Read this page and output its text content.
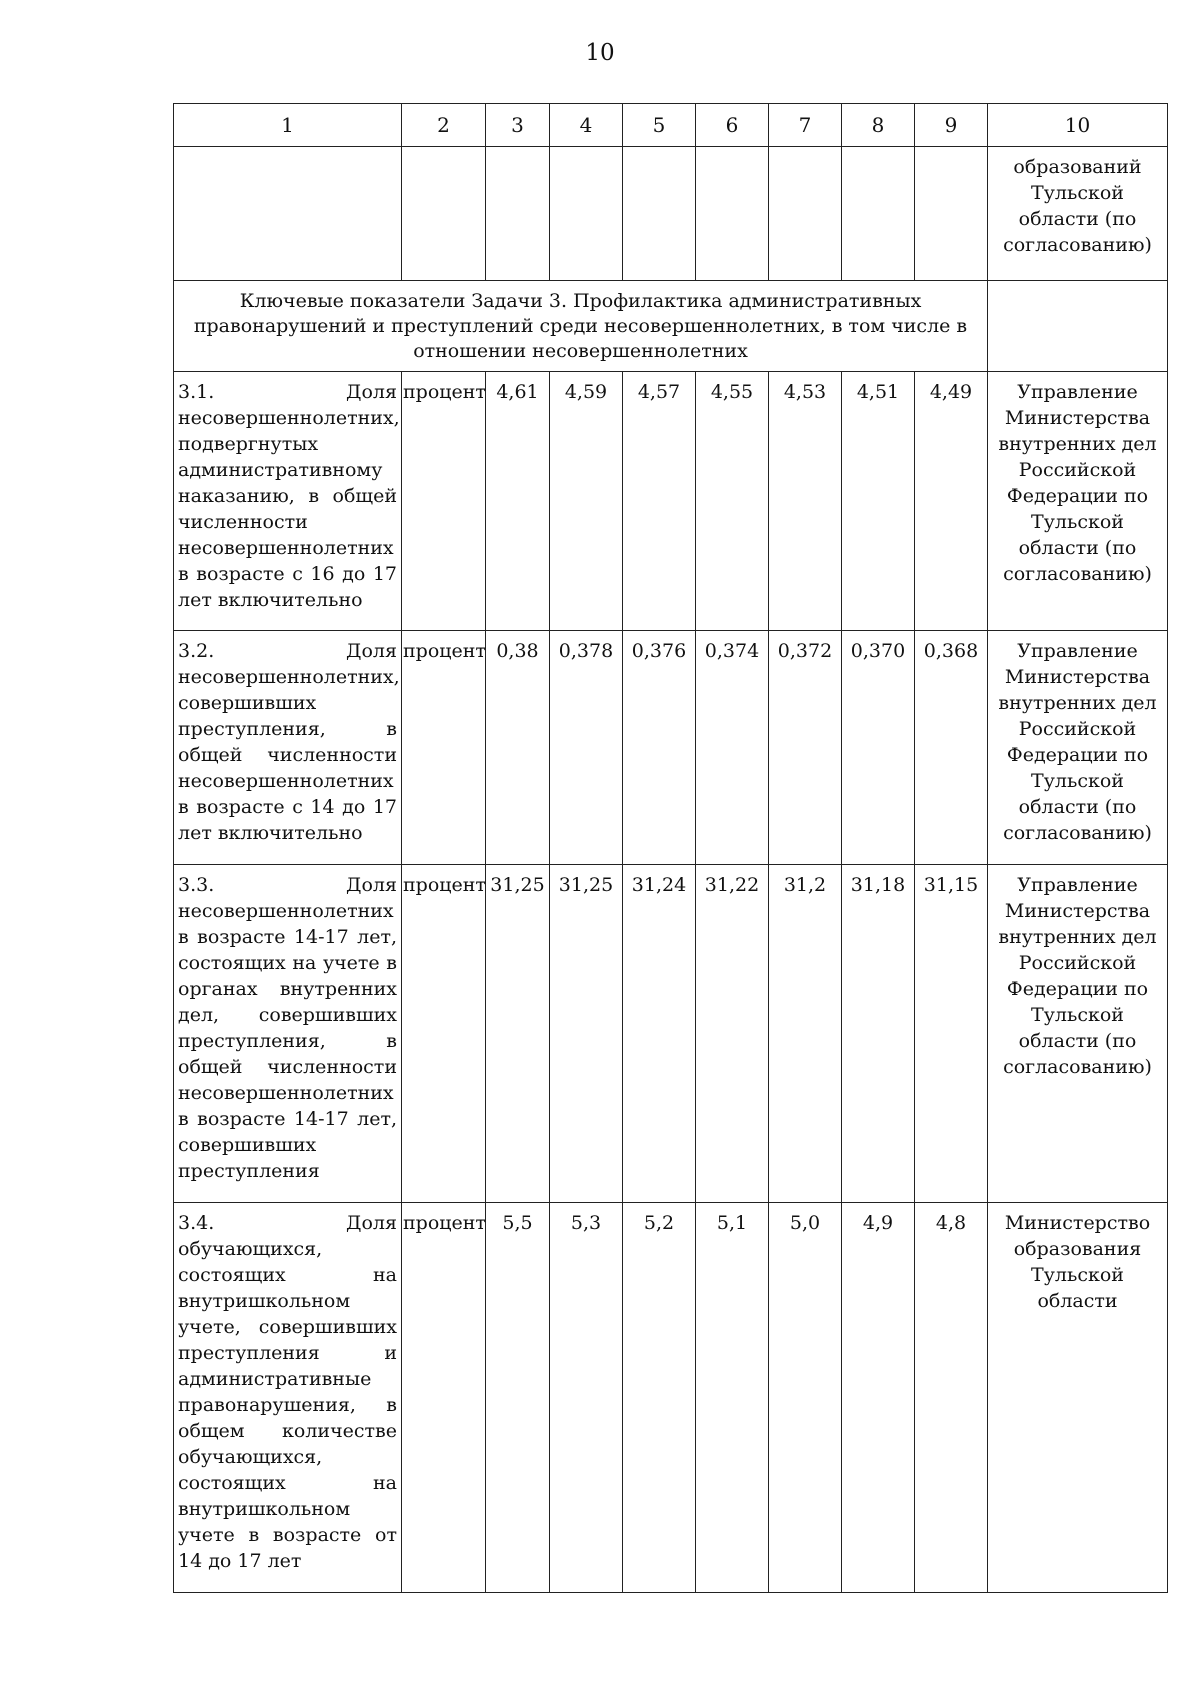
10
1	2	3	4	5	6	7	8	9	10
									образований Тульской области (по согласованию)
Ключевые показатели Задачи 3. Профилактика административных правонарушений и преступлений среди несовершеннолетних, в том числе в отношении несовершеннолетних									
3.1. Доля несовершеннолетних, подвергнутых административному наказанию, в общей численности несовершеннолетних в возрасте с 16 до 17 лет включительно	процент	4,61	4,59	4,57	4,55	4,53	4,51	4,49	Управление Министерства внутренних дел Российской Федерации по Тульской области (по согласованию)
3.2. Доля несовершеннолетних, совершивших преступления, в общей численности несовершеннолетних в возрасте с 14 до 17 лет включительно	процент	0,38	0,378	0,376	0,374	0,372	0,370	0,368	Управление Министерства внутренних дел Российской Федерации по Тульской области (по согласованию)
3.3. Доля несовершеннолетних в возрасте 14-17 лет, состоящих на учете в органах внутренних дел, совершивших преступления, в общей численности несовершеннолетних в возрасте 14-17 лет, совершивших преступления	процент	31,25	31,25	31,24	31,22	31,2	31,18	31,15	Управление Министерства внутренних дел Российской Федерации по Тульской области (по согласованию)
3.4. Доля обучающихся, состоящих на внутришкольном учете, совершивших преступления и административные правонарушения, в общем количестве обучающихся, состоящих на внутришкольном учете в возрасте от 14 до 17 лет	процент	5,5	5,3	5,2	5,1	5,0	4,9	4,8	Министерство образования Тульской области
